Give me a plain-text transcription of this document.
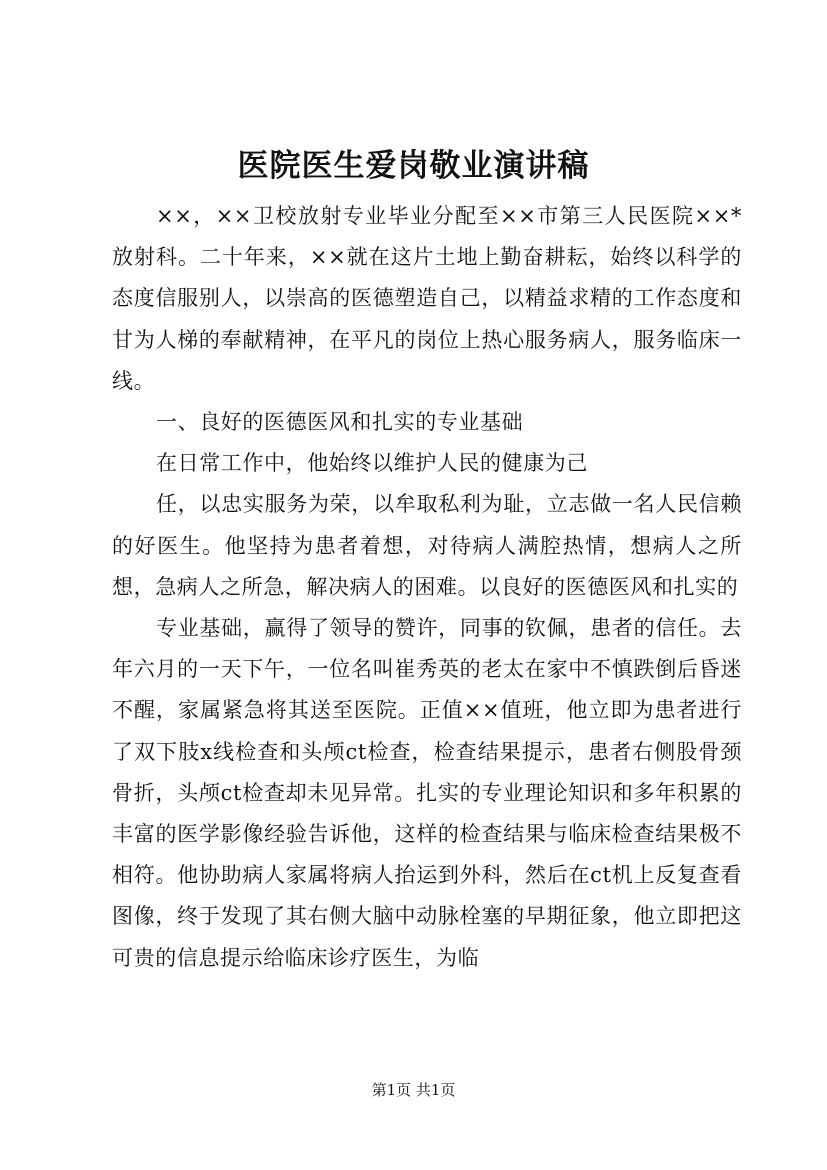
医院医生爱岗敬业演讲稿

××，××卫校放射专业毕业分配至××市第三人民医院××*放射科。二十年来，××就在这片土地上勤奋耕耘，始终以科学的态度信服别人，以崇高的医德塑造自己，以精益求精的工作态度和甘为人梯的奉献精神，在平凡的岗位上热心服务病人，服务临床一线。

一、良好的医德医风和扎实的专业基础

在日常工作中，他始终以维护人民的健康为己

任，以忠实服务为荣，以牟取私利为耻，立志做一名人民信赖的好医生。他坚持为患者着想，对待病人满腔热情，想病人之所想，急病人之所急，解决病人的困难。以良好的医德医风和扎实的

专业基础，赢得了领导的赞许，同事的钦佩，患者的信任。去年六月的一天下午，一位名叫崔秀英的老太在家中不慎跌倒后昏迷不醒，家属紧急将其送至医院。正值××值班，他立即为患者进行了双下肢x线检查和头颅ct检查，检查结果提示，患者右侧股骨颈骨折，头颅ct检查却未见异常。扎实的专业理论知识和多年积累的丰富的医学影像经验告诉他，这样的检查结果与临床检查结果极不相符。他协助病人家属将病人抬运到外科，然后在ct机上反复查看图像，终于发现了其右侧大脑中动脉栓塞的早期征象，他立即把这可贵的信息提示给临床诊疗医生，为临

第1页 共1页
